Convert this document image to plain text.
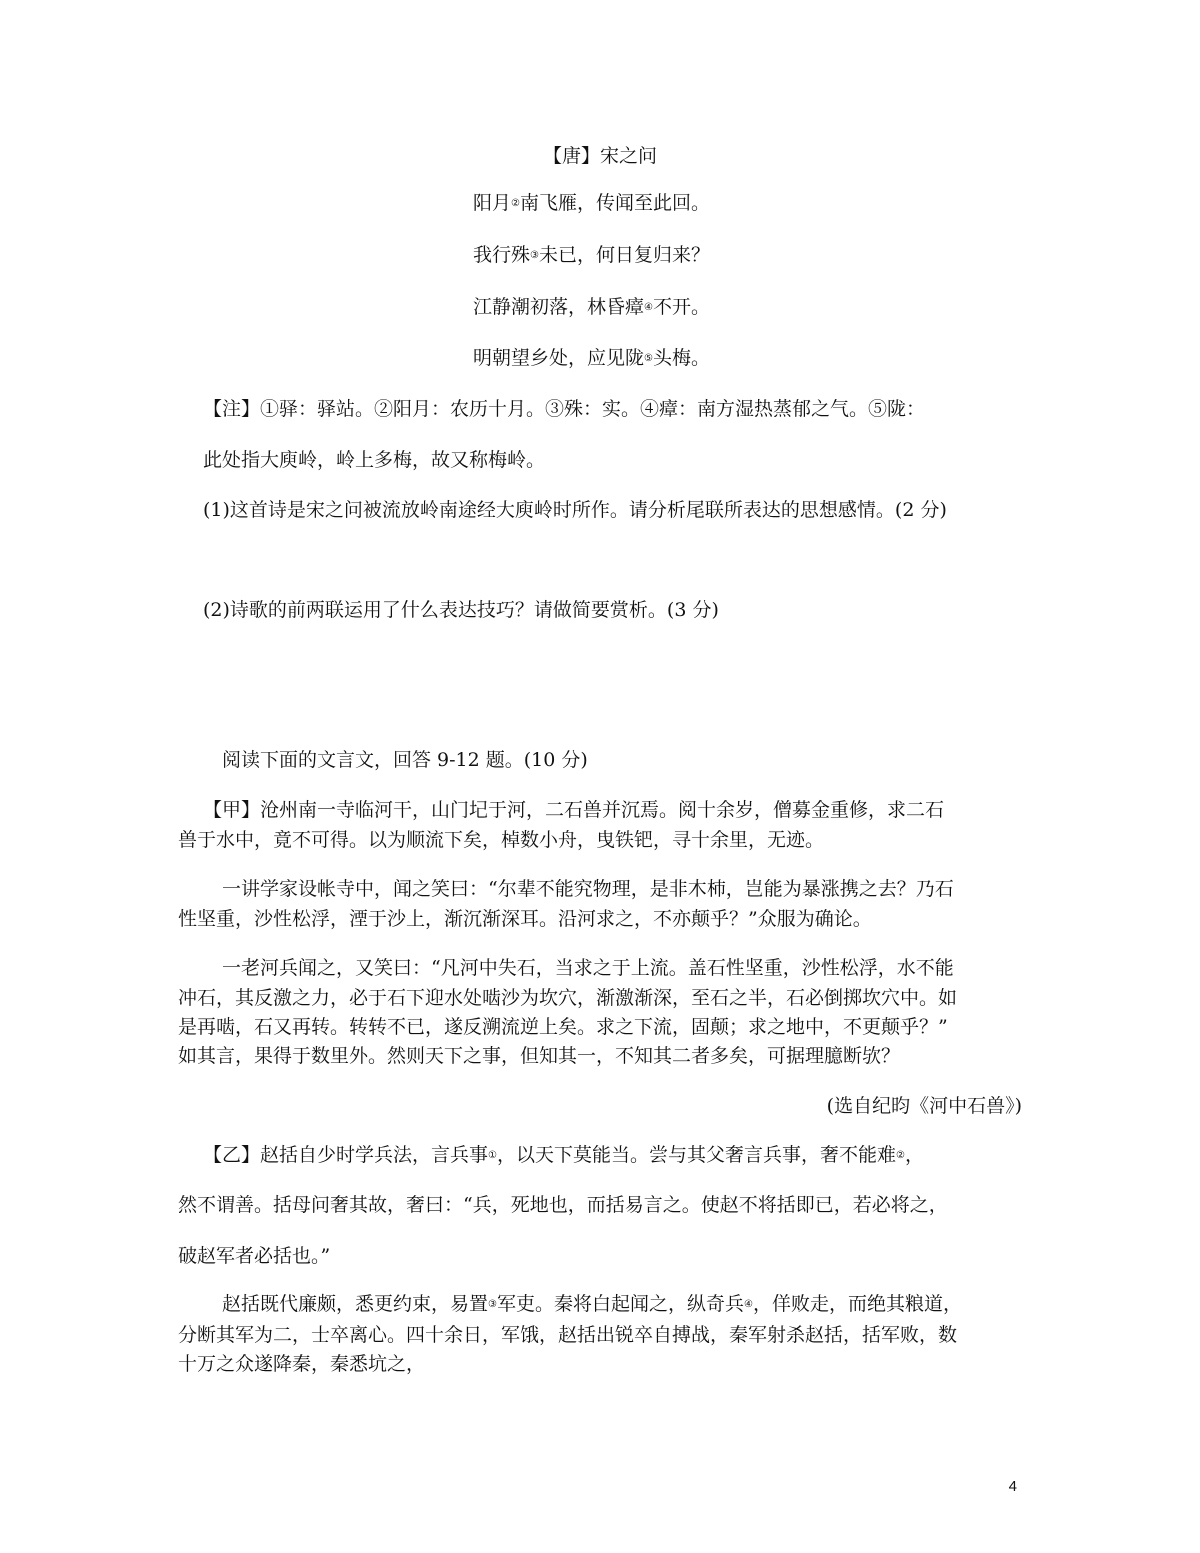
【唐】宋之问
阳月②南飞雁，传闻至此回。
我行殊③未已，何日复归来？
江静潮初落，林昏瘴④不开。
明朝望乡处，应见陇⑤头梅。
【注】①驿：驿站。②阳月：农历十月。③殊：实。④瘴：南方湿热蒸郁之气。⑤陇：
此处指大庾岭，岭上多梅，故又称梅岭。
(1)这首诗是宋之问被流放岭南途经大庾岭时所作。请分析尾联所表达的思想感情。(2 分)
(2)诗歌的前两联运用了什么表达技巧？请做简要赏析。(3 分)
阅读下面的文言文，回答 9-12 题。(10 分)
【甲】沧州南一寺临河干，山门圮于河，二石兽并沉焉。阅十余岁，僧募金重修，求二石
兽于水中，竟不可得。以为顺流下矣，棹数小舟，曳铁钯，寻十余里，无迹。
一讲学家设帐寺中，闻之笑曰：“尔辈不能究物理，是非木杮，岂能为暴涨携之去？乃石
性坚重，沙性松浮，湮于沙上，渐沉渐深耳。沿河求之，不亦颠乎？”众服为确论。
一老河兵闻之，又笑曰：“凡河中失石，当求之于上流。盖石性坚重，沙性松浮，水不能
冲石，其反激之力，必于石下迎水处啮沙为坎穴，渐激渐深，至石之半，石必倒掷坎穴中。如
是再啮，石又再转。转转不已，遂反溯流逆上矣。求之下流，固颠；求之地中，不更颠乎？”
如其言，果得于数里外。然则天下之事，但知其一，不知其二者多矣，可据理臆断欤？
(选自纪昀《河中石兽》)
【乙】赵括自少时学兵法，言兵事①，以天下莫能当。尝与其父奢言兵事，奢不能难②，
然不谓善。括母问奢其故，奢曰：“兵，死地也，而括易言之。使赵不将括即已，若必将之，
破赵军者必括也。”
赵括既代廉颇，悉更约束，易置③军吏。秦将白起闻之，纵奇兵④，佯败走，而绝其粮道，
分断其军为二，士卒离心。四十余日，军饿，赵括出锐卒自搏战，秦军射杀赵括，括军败，数
十万之众遂降秦，秦悉坑之，
4
